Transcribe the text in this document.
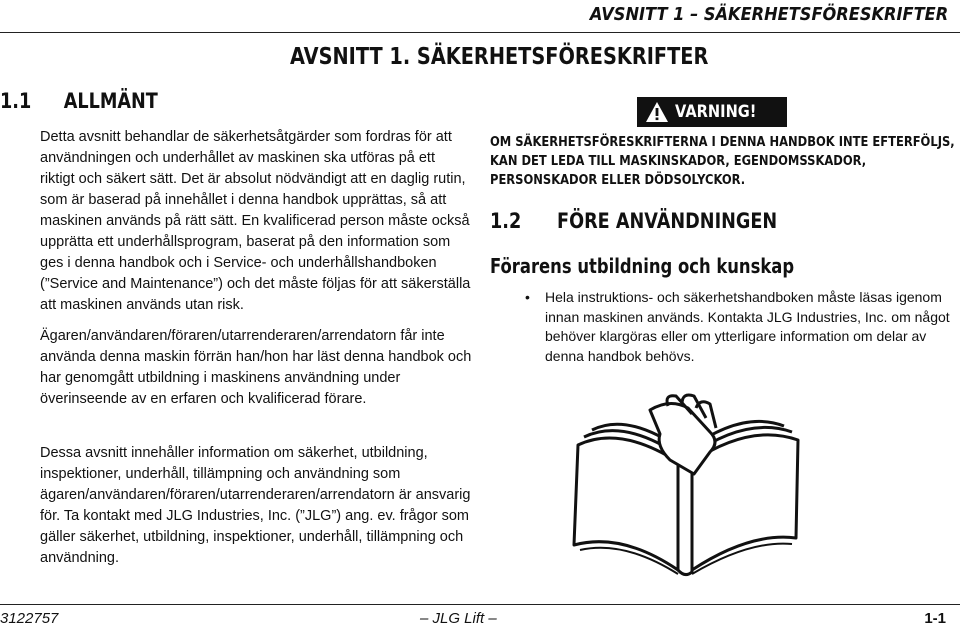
AVSNITT 1 – SÄKERHETSFÖRESKRIFTER
AVSNITT 1. SÄKERHETSFÖRESKRIFTER
1.1 ALLMÄNT

Detta avsnitt behandlar de säkerhetsåtgärder som fordras för att användningen och underhållet av maskinen ska utföras på ett riktigt och säkert sätt. Det är absolut nödvändigt att en daglig rutin, som är baserad på innehållet i denna handbok upprättas, så att maskinen används på rätt sätt. En kvalificerad person måste också upprätta ett underhållsprogram, baserat på den information som ges i denna handbok och i Service- och underhållshandboken (”Service and Maintenance”) och det måste följas för att säkerställa att maskinen används utan risk.

Ägaren/användaren/föraren/utarrenderaren/arrendatorn får inte använda denna maskin förrän han/hon har läst denna handbok och har genomgått utbildning i maskinens användning under överinseende av en erfaren och kvalificerad förare.

Dessa avsnitt innehåller information om säkerhet, utbildning, inspektioner, underhåll, tillämpning och användning som ägaren/användaren/föraren/utarrenderaren/arrendatorn är ansvarig för. Ta kontakt med JLG Industries, Inc. (”JLG”) ang. ev. frågor som gäller säkerhet, utbildning, inspektioner, underhåll, tillämpning och användning.

VARNING!
OM SÄKERHETSFÖRESKRIFTERNA I DENNA HANDBOK INTE EFTERFÖLJS, KAN DET LEDA TILL MASKINSKADOR, EGENDOMSSKADOR, PERSONSKADOR ELLER DÖDSOLYCKOR.
1.2 FÖRE ANVÄNDNINGEN
Förarens utbildning och kunskap
• Hela instruktions- och säkerhetshandboken måste läsas igenom innan maskinen används. Kontakta JLG Industries, Inc. om något behöver klargöras eller om ytterligare information om delar av denna handbok behövs.
3122757	– JLG Lift –	1-1
